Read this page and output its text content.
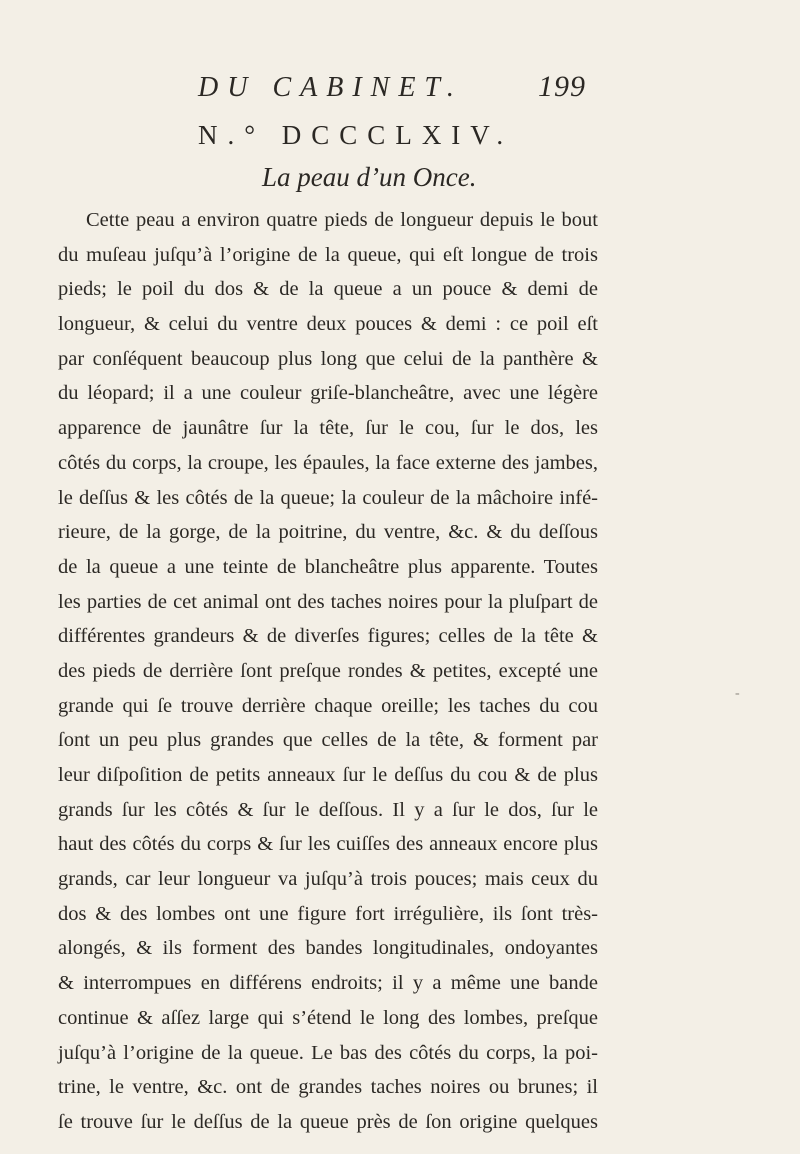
DU CABINET.	199
N.° DCCCLXIV.
La peau d’un Once.
Cette peau a environ quatre pieds de longueur depuis le bout
du muſeau juſqu’à l’origine de la queue, qui eſt longue de trois
pieds; le poil du dos & de la queue a un pouce & demi de
longueur, & celui du ventre deux pouces & demi : ce poil eſt
par conſéquent beaucoup plus long que celui de la panthère &
du léopard; il a une couleur griſe-blancheâtre, avec une légère
apparence de jaunâtre ſur la tête, ſur le cou, ſur le dos, les
côtés du corps, la croupe, les épaules, la face externe des jambes,
le deſſus & les côtés de la queue; la couleur de la mâchoire infé-
rieure, de la gorge, de la poitrine, du ventre, &c. & du deſſous
de la queue a une teinte de blancheâtre plus apparente. Toutes
les parties de cet animal ont des taches noires pour la pluſpart de
différentes grandeurs & de diverſes figures; celles de la tête &
des pieds de derrière ſont preſque rondes & petites, excepté une
grande qui ſe trouve derrière chaque oreille; les taches du cou
ſont un peu plus grandes que celles de la tête, & forment par
leur diſpoſition de petits anneaux ſur le deſſus du cou & de plus
grands ſur les côtés & ſur le deſſous. Il y a ſur le dos, ſur le
haut des côtés du corps & ſur les cuiſſes des anneaux encore plus
grands, car leur longueur va juſqu’à trois pouces; mais ceux du
dos & des lombes ont une figure fort irrégulière, ils ſont très-
alongés, & ils forment des bandes longitudinales, ondoyantes
& interrompues en différens endroits; il y a même une bande
continue & aſſez large qui s’étend le long des lombes, preſque
juſqu’à l’origine de la queue. Le bas des côtés du corps, la poi-
trine, le ventre, &c. ont de grandes taches noires ou brunes; il
ſe trouve ſur le deſſus de la queue près de ſon origine quelques
-
